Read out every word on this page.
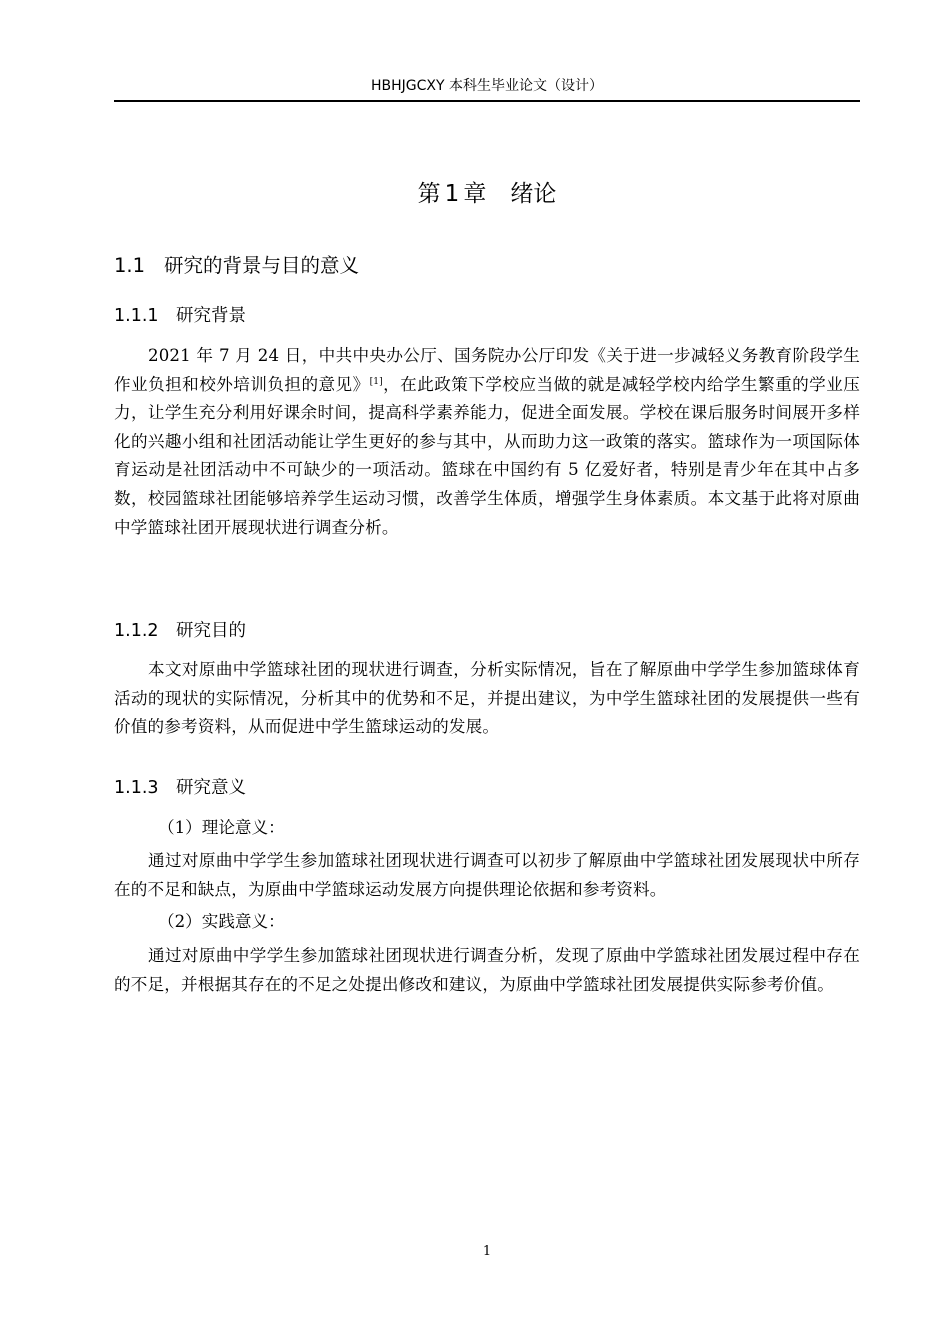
HBHJGCXY 本科生毕业论文（设计）
第 1 章 绪论
1.1 研究的背景与目的意义
1.1.1 研究背景

2021 年 7 月 24 日，中共中央办公厅、国务院办公厅印发《关于进一步减轻义务教育阶段学生作业负担和校外培训负担的意见》[1]，在此政策下学校应当做的就是减轻学校内给学生繁重的学业压力，让学生充分利用好课余时间，提高科学素养能力，促进全面发展。学校在课后服务时间展开多样化的兴趣小组和社团活动能让学生更好的参与其中，从而助力这一政策的落实。篮球作为一项国际体育运动是社团活动中不可缺少的一项活动。篮球在中国约有 5 亿爱好者，特别是青少年在其中占多数，校园篮球社团能够培养学生运动习惯，改善学生体质，增强学生身体素质。本文基于此将对原曲中学篮球社团开展现状进行调查分析。

1.1.2 研究目的

本文对原曲中学篮球社团的现状进行调查，分析实际情况，旨在了解原曲中学学生参加篮球体育活动的现状的实际情况，分析其中的优势和不足，并提出建议，为中学生篮球社团的发展提供一些有价值的参考资料，从而促进中学生篮球运动的发展。

1.1.3 研究意义

（1）理论意义：

通过对原曲中学学生参加篮球社团现状进行调查可以初步了解原曲中学篮球社团发展现状中所存在的不足和缺点，为原曲中学篮球运动发展方向提供理论依据和参考资料。

（2）实践意义：

通过对原曲中学学生参加篮球社团现状进行调查分析，发现了原曲中学篮球社团发展过程中存在的不足，并根据其存在的不足之处提出修改和建议，为原曲中学篮球社团发展提供实际参考价值。

1
